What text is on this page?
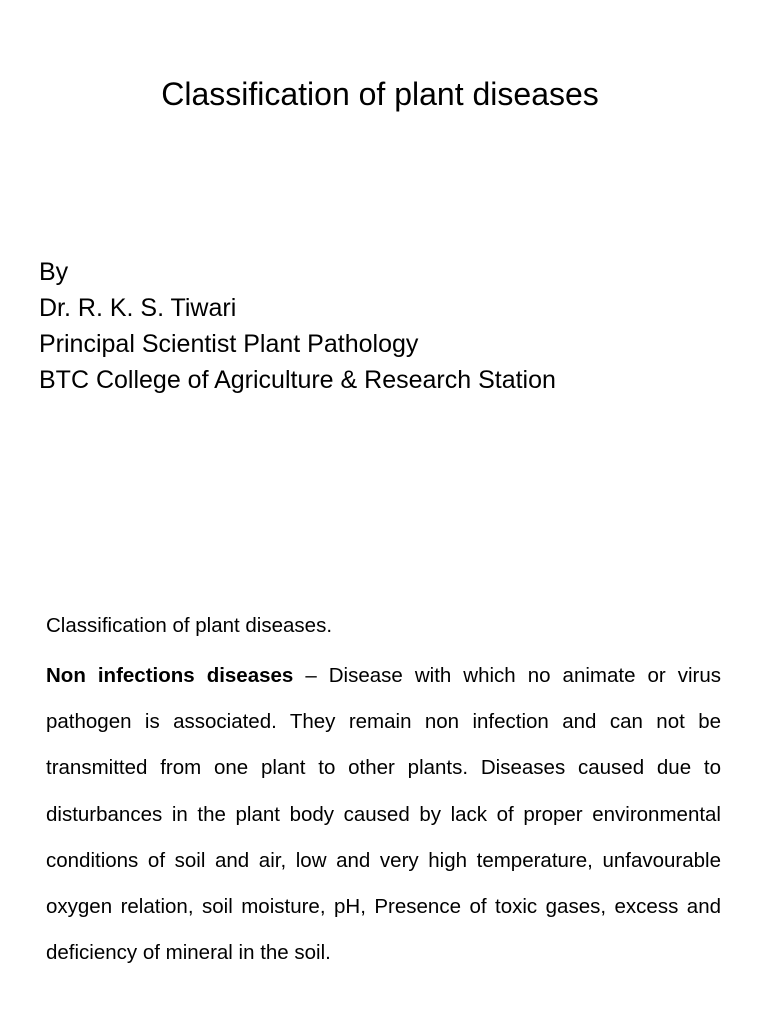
Classification of plant diseases
By
Dr. R. K. S. Tiwari
Principal Scientist Plant Pathology
BTC College of Agriculture & Research Station
Classification of plant diseases.

Non infections diseases – Disease with which no animate or virus pathogen is associated. They remain non infection and can not be transmitted from one plant to other plants. Diseases caused due to disturbances in the plant body caused by lack of proper environmental conditions of soil and air, low and very high temperature, unfavourable oxygen relation, soil moisture, pH, Presence of toxic gases, excess and deficiency of mineral in the soil.
